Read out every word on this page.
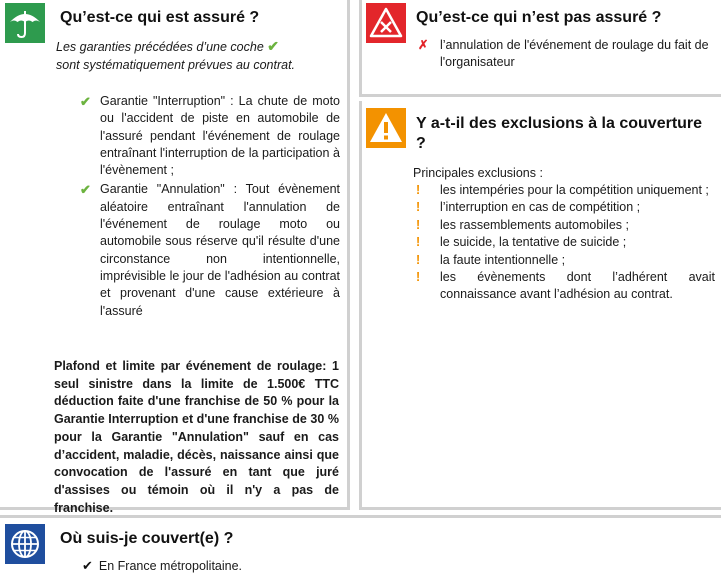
Qu’est-ce qui est assuré ?
Les garanties précédées d’une coche ✔
sont systématiquement prévues au contrat.
✔ Garantie "Interruption" : La chute de moto ou l'accident de piste en automobile de l'assuré pendant l'événement de roulage entraînant l'interruption de la participation à l'évènement ;
✔ Garantie "Annulation" : Tout évènement aléatoire entraînant l'annulation de l'événement de roulage moto ou automobile sous réserve qu'il résulte d'une circonstance non intentionnelle, imprévisible le jour de l'adhésion au contrat et provenant d'une cause extérieure à l'assuré
Plafond et limite par événement de roulage: 1 seul sinistre dans la limite de 1.500€ TTC déduction faite d'une franchise de 50 % pour la Garantie Interruption et d'une franchise de 30 % pour la Garantie "Annulation" sauf en cas d’accident, maladie, décès, naissance ainsi que convocation de l'assuré en tant que juré d'assises ou témoin où il n'y a pas de franchise.
Qu’est-ce qui n’est pas assuré ?
✗ l’annulation de l'événement de roulage du fait de l'organisateur
Y a-t-il des exclusions à la couverture ?
Principales exclusions :
! les intempéries pour la compétition uniquement ;
! l’interruption en cas de compétition ;
! les rassemblements automobiles ;
! le suicide, la tentative de suicide ;
! la faute intentionnelle ;
! les évènements dont l’adhérent avait connaissance avant l’adhésion au contrat.
Où suis-je couvert(e) ?
✔ En France métropolitaine.
